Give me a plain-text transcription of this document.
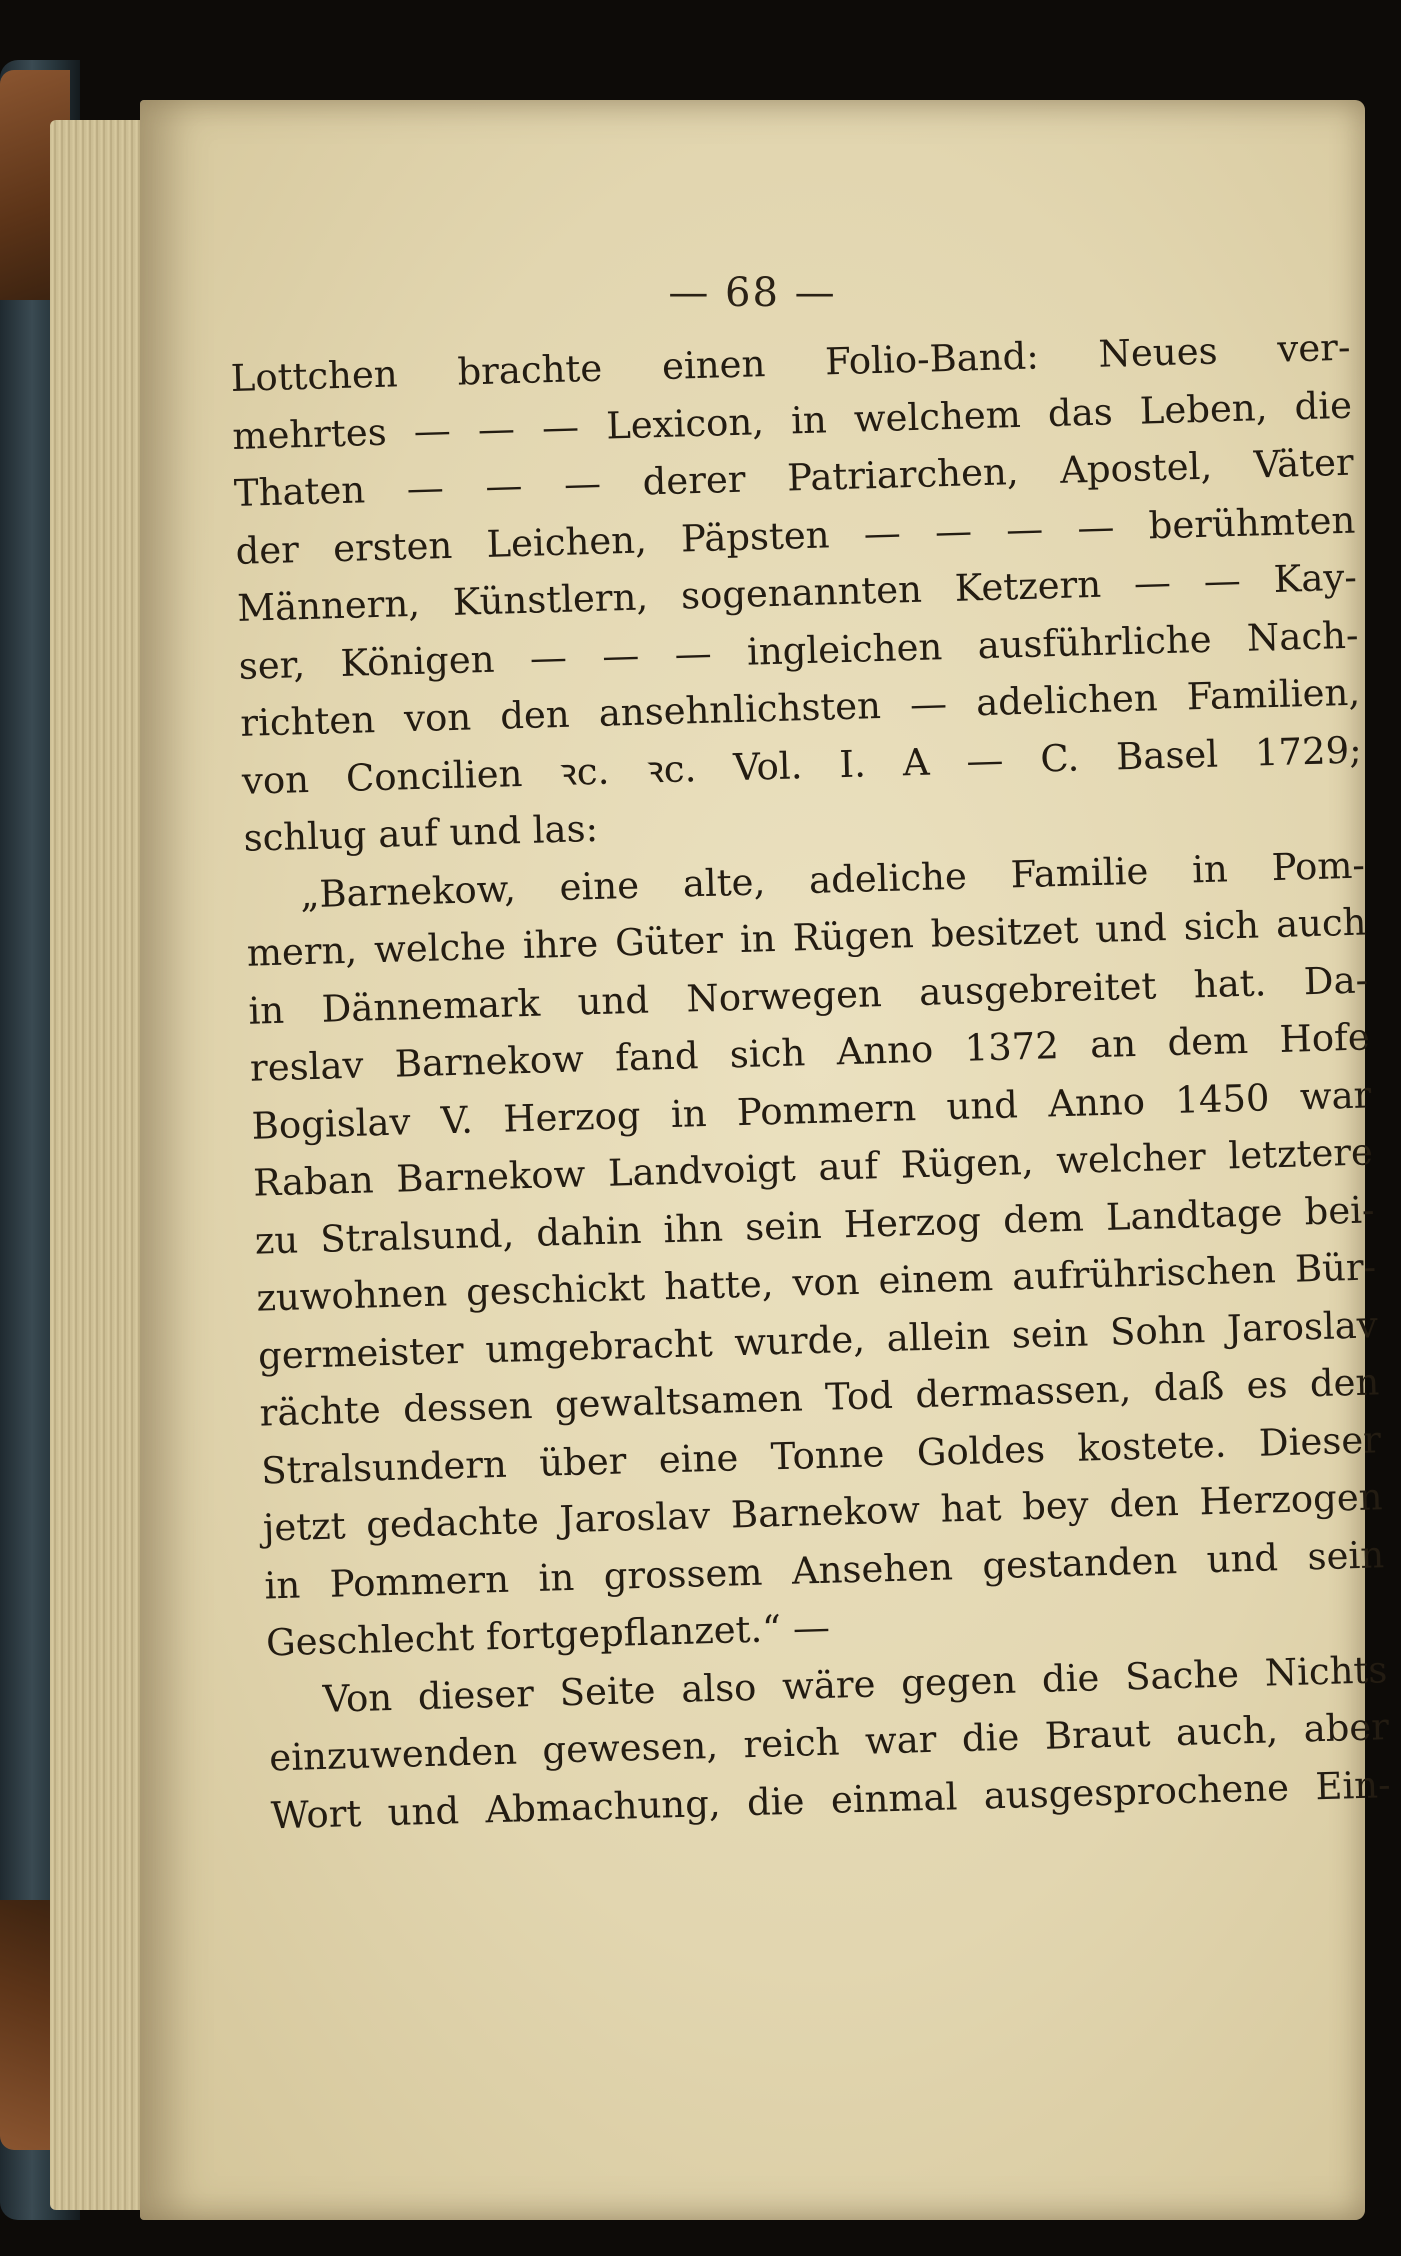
— 68 —
Lottchen brachte einen Folio-Band: Neues ver-
mehrtes — — — Lexicon, in welchem das Leben, die
Thaten — — — derer Patriarchen, Apostel, Väter
der ersten Leichen, Päpsten — — — — berühmten
Männern, Künstlern, sogenannten Ketzern — — Kay-
ser, Königen — — — ingleichen ausführliche Nach-
richten von den ansehnlichsten — adelichen Familien,
von Concilien ꝛc. ꝛc. Vol. I. A — C. Basel 1729;
schlug auf und las:
„Barnekow, eine alte, adeliche Familie in Pom-
mern, welche ihre Güter in Rügen besitzet und sich auch
in Dännemark und Norwegen ausgebreitet hat. Da-
reslav Barnekow fand sich Anno 1372 an dem Hofe
Bogislav V. Herzog in Pommern und Anno 1450 war
Raban Barnekow Landvoigt auf Rügen, welcher letztere
zu Stralsund, dahin ihn sein Herzog dem Landtage bei-
zuwohnen geschickt hatte, von einem aufrührischen Bür-
germeister umgebracht wurde, allein sein Sohn Jaroslav
rächte dessen gewaltsamen Tod dermassen, daß es den
Stralsundern über eine Tonne Goldes kostete. Dieser
jetzt gedachte Jaroslav Barnekow hat bey den Herzogen
in Pommern in grossem Ansehen gestanden und sein
Geschlecht fortgepflanzet.“ —
Von dieser Seite also wäre gegen die Sache Nichts
einzuwenden gewesen, reich war die Braut auch, aber
Wort und Abmachung, die einmal ausgesprochene Ein-
